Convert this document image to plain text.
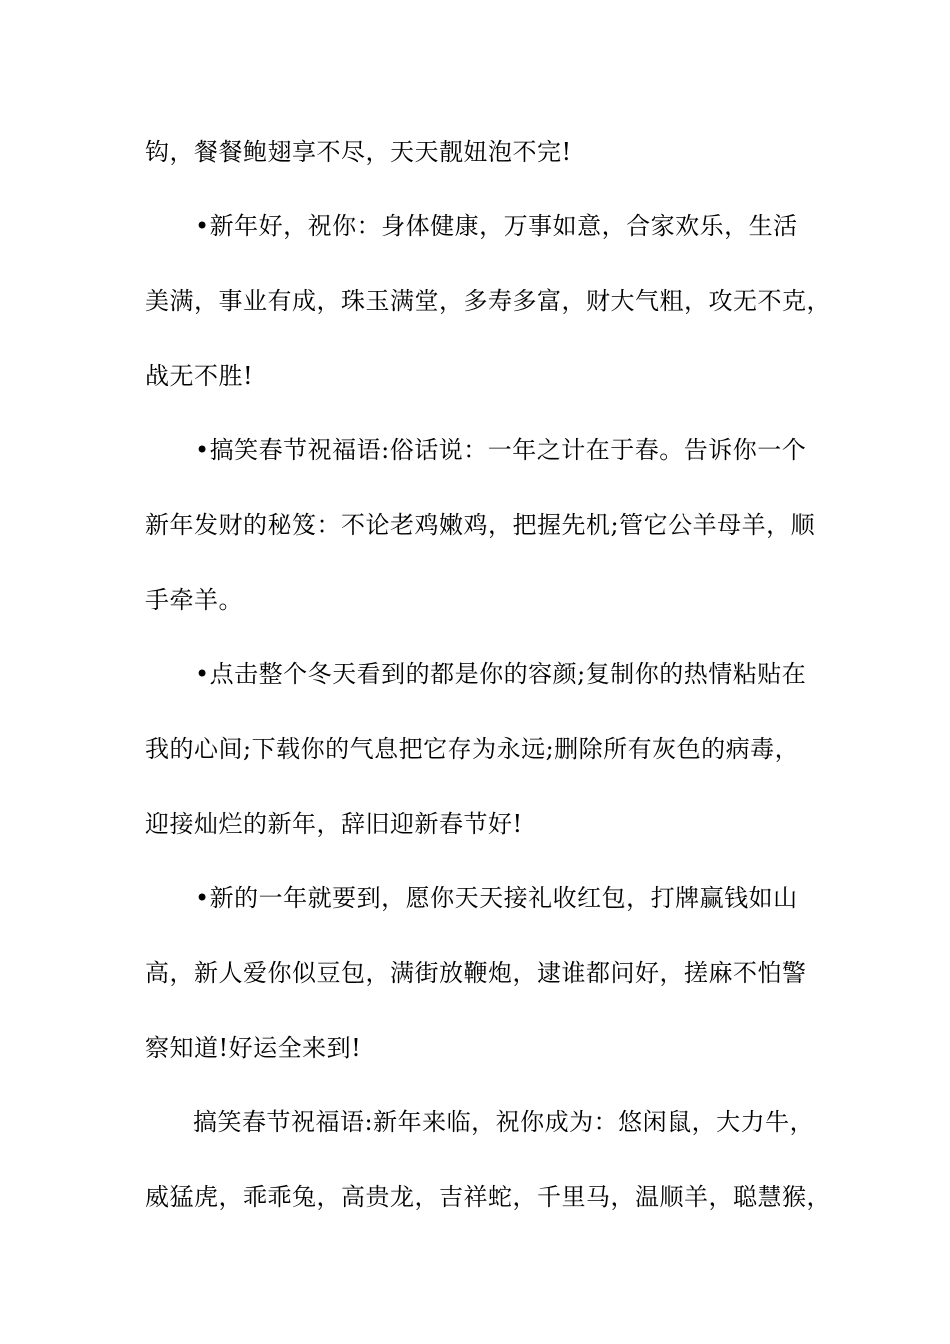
钩，餐餐鲍翅享不尽，天天靓妞泡不完!
•新年好，祝你：身体健康，万事如意，合家欢乐，生活
美满，事业有成，珠玉满堂，多寿多富，财大气粗，攻无不克，
战无不胜!
•搞笑春节祝福语:俗话说：一年之计在于春。告诉你一个
新年发财的秘笈：不论老鸡嫩鸡，把握先机;管它公羊母羊，顺
手牵羊。
•点击整个冬天看到的都是你的容颜;复制你的热情粘贴在
我的心间;下载你的气息把它存为永远;删除所有灰色的病毒，
迎接灿烂的新年，辞旧迎新春节好!
•新的一年就要到，愿你天天接礼收红包，打牌赢钱如山
高，新人爱你似豆包，满街放鞭炮，逮谁都问好，搓麻不怕警
察知道!好运全来到!
搞笑春节祝福语:新年来临，祝你成为：悠闲鼠，大力牛，
威猛虎，乖乖兔，高贵龙，吉祥蛇，千里马，温顺羊，聪慧猴，
